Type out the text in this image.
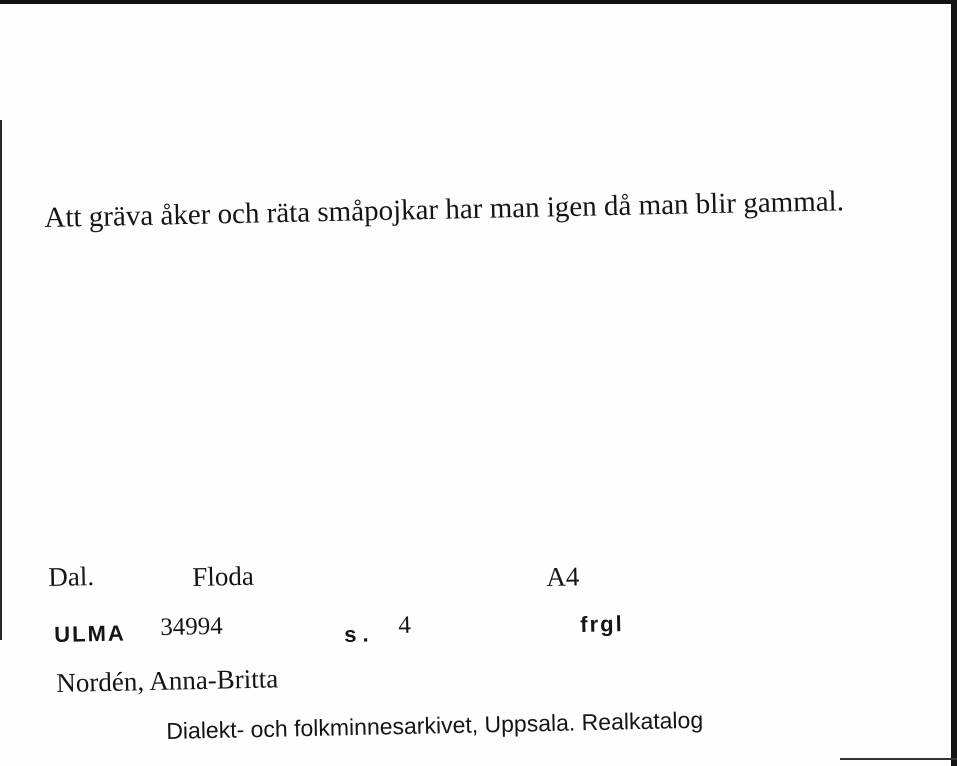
Att gräva åker och räta småpojkar har man igen då man blir gammal.
Dal.	Floda	A4
ULMA 34994	s. 4	frgl
Nordén, Anna-Britta
Dialekt- och folkminnesarkivet, Uppsala. Realkatalog
